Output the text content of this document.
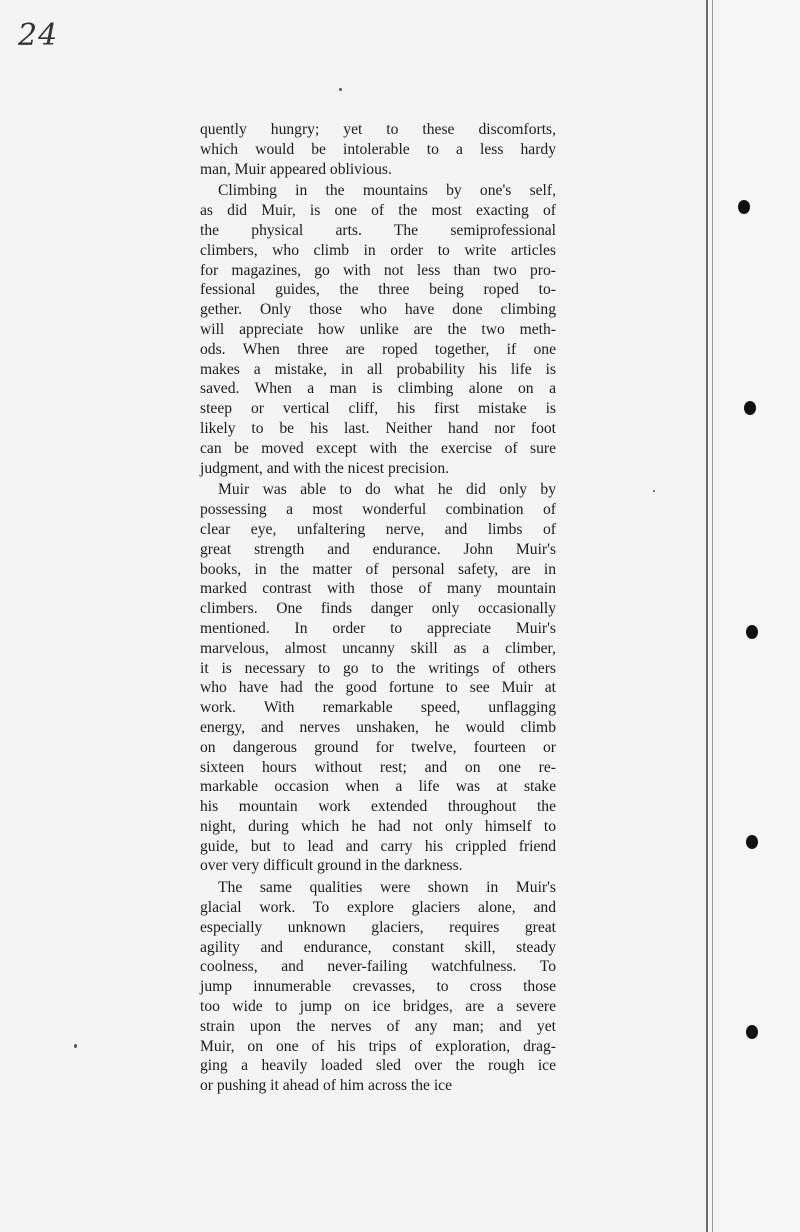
24
quently hungry; yet to these discomforts,
which would be intolerable to a less hardy
man, Muir appeared oblivious.
Climbing in the mountains by one's self,
as did Muir, is one of the most exacting of
the physical arts. The semiprofessional
climbers, who climb in order to write articles
for magazines, go with not less than two pro-
fessional guides, the three being roped to-
gether. Only those who have done climbing
will appreciate how unlike are the two meth-
ods. When three are roped together, if one
makes a mistake, in all probability his life is
saved. When a man is climbing alone on a
steep or vertical cliff, his first mistake is
likely to be his last. Neither hand nor foot
can be moved except with the exercise of sure
judgment, and with the nicest precision.
Muir was able to do what he did only by
possessing a most wonderful combination of
clear eye, unfaltering nerve, and limbs of
great strength and endurance. John Muir's
books, in the matter of personal safety, are in
marked contrast with those of many mountain
climbers. One finds danger only occasionally
mentioned. In order to appreciate Muir's
marvelous, almost uncanny skill as a climber,
it is necessary to go to the writings of others
who have had the good fortune to see Muir at
work. With remarkable speed, unflagging
energy, and nerves unshaken, he would climb
on dangerous ground for twelve, fourteen or
sixteen hours without rest; and on one re-
markable occasion when a life was at stake
his mountain work extended throughout the
night, during which he had not only himself to
guide, but to lead and carry his crippled friend
over very difficult ground in the darkness.
The same qualities were shown in Muir's
glacial work. To explore glaciers alone, and
especially unknown glaciers, requires great
agility and endurance, constant skill, steady
coolness, and never-failing watchfulness. To
jump innumerable crevasses, to cross those
too wide to jump on ice bridges, are a severe
strain upon the nerves of any man; and yet
Muir, on one of his trips of exploration, drag-
ging a heavily loaded sled over the rough ice
or pushing it ahead of him across the ice
